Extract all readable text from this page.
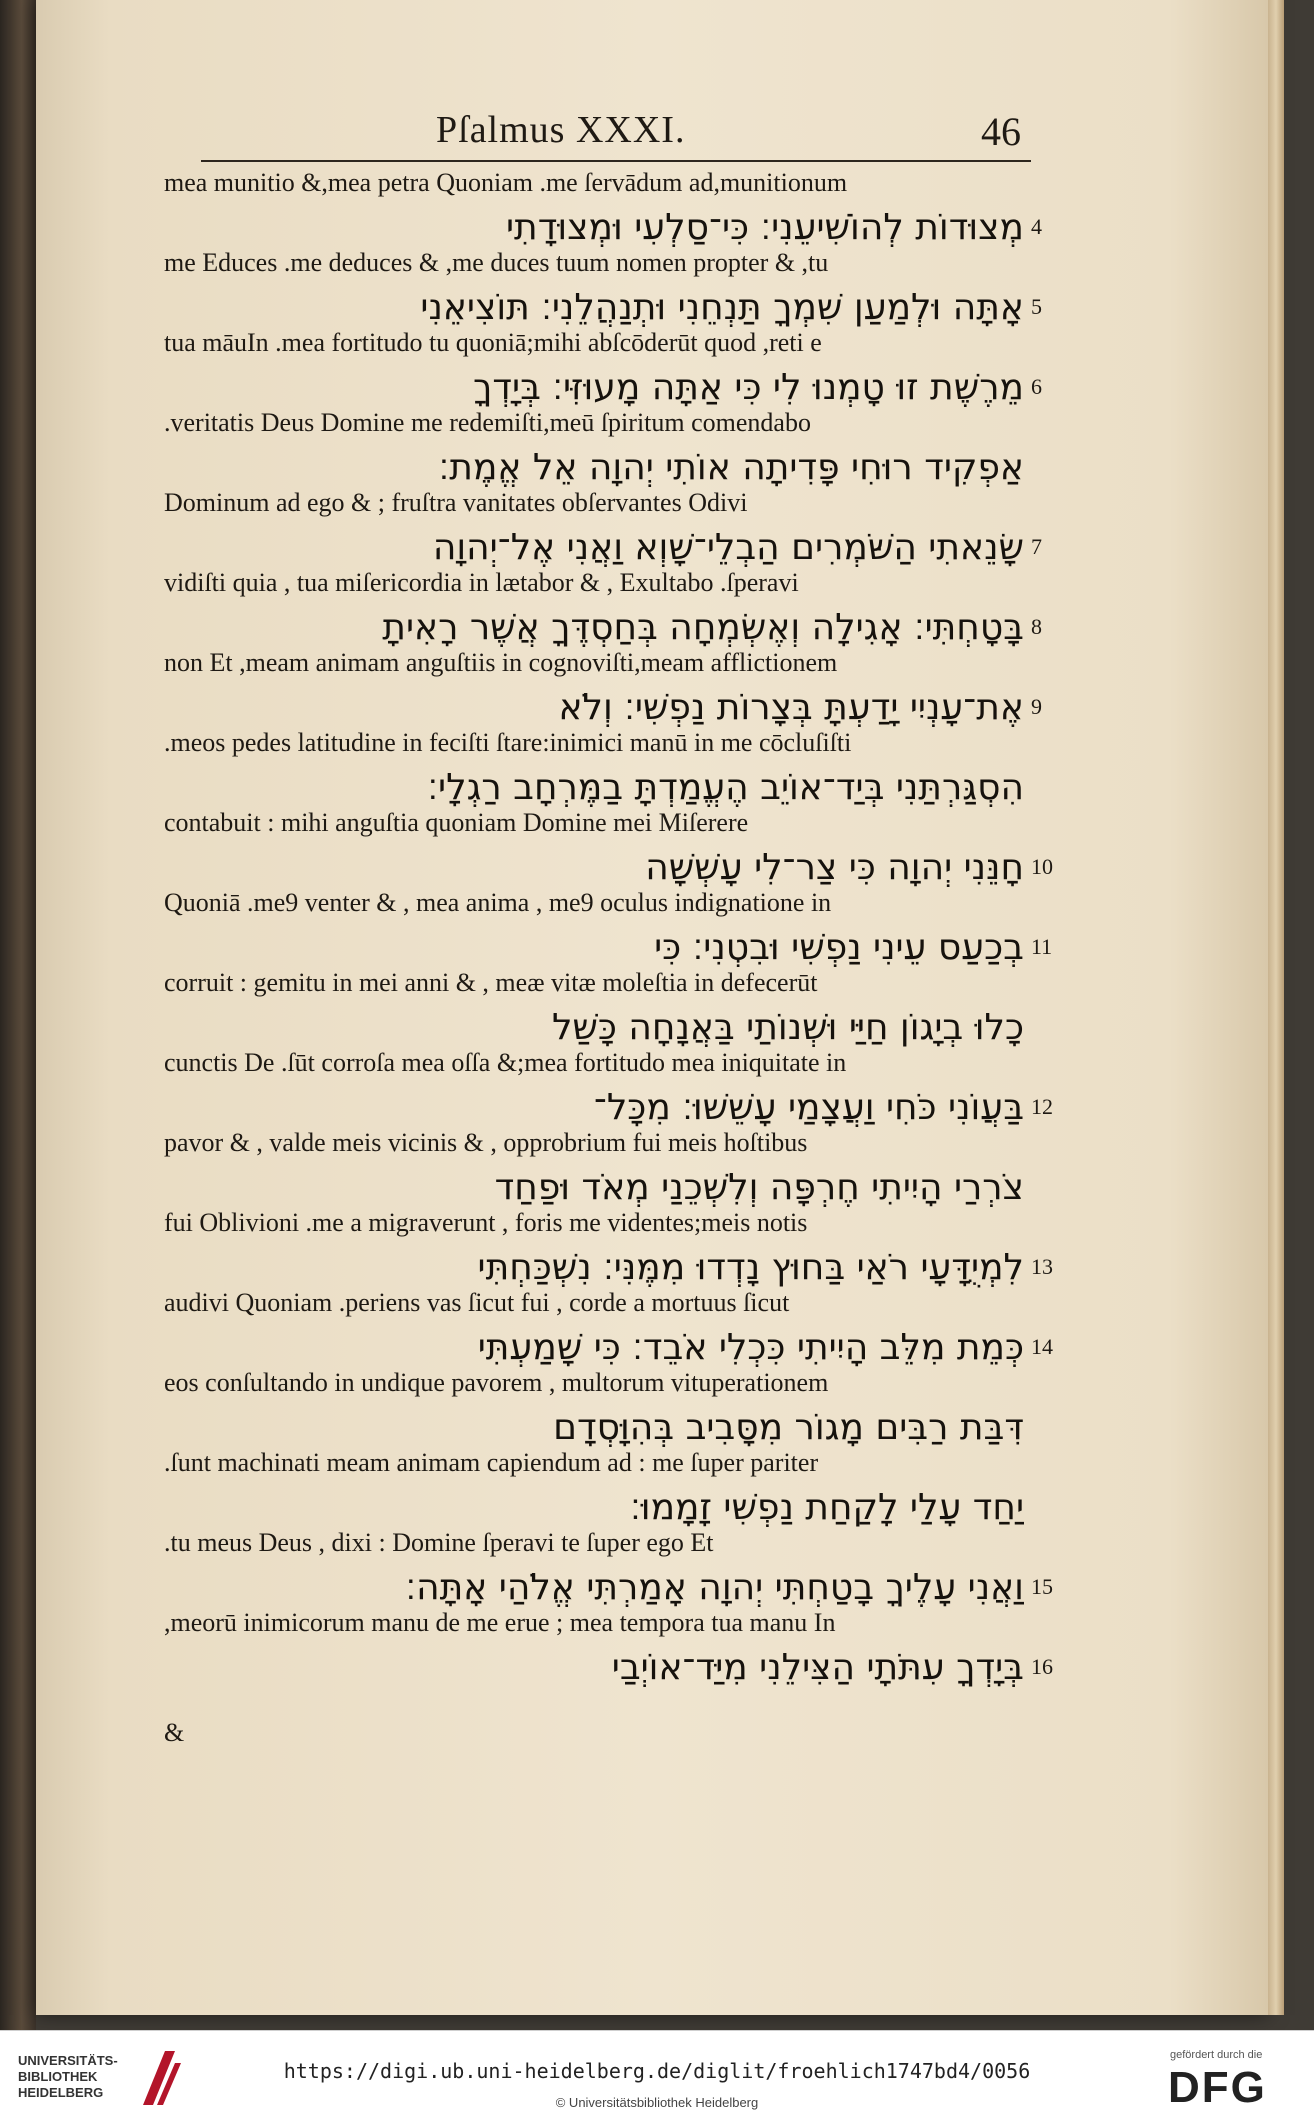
Pſalmus XXXI.	46
mea munitio &,mea petra Quoniam .me ſervādum ad,munitionum
מְצוּדוֹת לְהוֹשִׁיעֵנִי׃ כִּי־סַלְעִי וּמְצוּדָתִי 4
me Educes .me deduces & ,me duces tuum nomen propter & ,tu
אָתָּה וּלְמַעַן שִׁמְךָ תַּנְחֵנִי וּתְנַהֲלֵנִי׃ תּוֹצִיאֵנִי 5
tua māuIn .mea fortitudo tu quoniā;mihi abſcōderūt quod ,reti e
מֵרֶשֶׁת זוּ טָמְנוּ לִי כִּי אַתָּה מָעוּזִּי׃ בְּיָדְךָ 6
.veritatis Deus Domine me redemiſti,meū ſpiritum comendabo
אַפְקִיד רוּחִי פָּדִיתָה אוֹתִי יְהוָה אֵל אֱמֶת׃
Dominum ad ego & ; fruſtra vanitates obſervantes Odivi
שָׂנֵאתִי הַשֹּׁמְרִים הַבְלֵי־שָׁוְא וַאֲנִי אֶל־יְהוָה 7
vidiſti quia , tua miſericordia in lætabor & , Exultabo .ſperavi
בָּטָחְתִּי׃ אָגִילָה וְאֶשְׂמְחָה בְּחַסְדֶּךָ אֲשֶׁר רָאִיתָ 8
non Et ,meam animam anguſtiis in cognoviſti,meam afflictionem
אֶת־עָנְיִי יָדַעְתָּ בְּצָרוֹת נַפְשִׁי׃ וְלֹא 9
.meos pedes latitudine in feciſti ſtare:inimici manū in me cōcluſiſti
הִסְגַּרְתַּנִי בְּיַד־אוֹיֵב הֶעֱמַדְתָּ בַמֶּרְחָב רַגְלָי׃
contabuit : mihi anguſtia quoniam Domine mei Miſerere
חָנֵּנִי יְהוָה כִּי צַר־לִי עָשְׁשָׁה 10
Quoniā .me9 venter & , mea anima , me9 oculus indignatione in
בְכַעַס עֵינִי נַפְשִׁי וּבִטְנִי׃ כִּי 11
corruit : gemitu in mei anni & , meæ vitæ moleſtia in defecerūt
כָלוּ בְיָגוֹן חַיַּי וּשְׁנוֹתַי בַּאֲנָחָה כָּשַׁל
cunctis De .ſūt corroſa mea oſſa &;mea fortitudo mea iniquitate in
בַּעֲוֹנִי כֹּחִי וַעֲצָמַי עָשֵׁשׁוּ׃ מִכָּל־ 12
pavor & , valde meis vicinis & , opprobrium fui meis hoſtibus
צֹרְרַי הָיִיתִי חֶרְפָּה וְלִשְׁכֵנַי מְאֹד וּפַחַד
fui Oblivioni .me a migraverunt , foris me videntes;meis notis
לִמְיֻדָּעָי רֹאַי בַּחוּץ נָדְדוּ מִמֶּנִּי׃ נִשְׁכַּחְתִּי 13
audivi Quoniam .periens vas ſicut fui , corde a mortuus ſicut
כְּמֵת מִלֵּב הָיִיתִי כִּכְלִי אֹבֵד׃ כִּי שָׁמַעְתִּי 14
eos conſultando in undique pavorem , multorum vituperationem
דִּבַּת רַבִּים מָגוֹר מִסָּבִיב בְּהִוָּסְדָם
.ſunt machinati meam animam capiendum ad : me ſuper pariter
יַחַד עָלַי לָקַחַת נַפְשִׁי זָמָמוּ׃
.tu meus Deus , dixi : Domine ſperavi te ſuper ego Et
וַאֲנִי עָלֶיךָ בָטַחְתִּי יְהוָה אָמַרְתִּי אֱלֹהַי אָתָּה׃ 15
,meorū inimicorum manu de me erue ; mea tempora tua manu In
בְּיָדְךָ עִתֹּתָי הַצִּילֵנִי מִיַּד־אוֹיְבַי 16
&
UNIVERSITÄTS-
BIBLIOTHEK
HEIDELBERG
https://digi.ub.uni-heidelberg.de/diglit/froehlich1747bd4/0056
© Universitätsbibliothek Heidelberg
gefördert durch die
DFG
